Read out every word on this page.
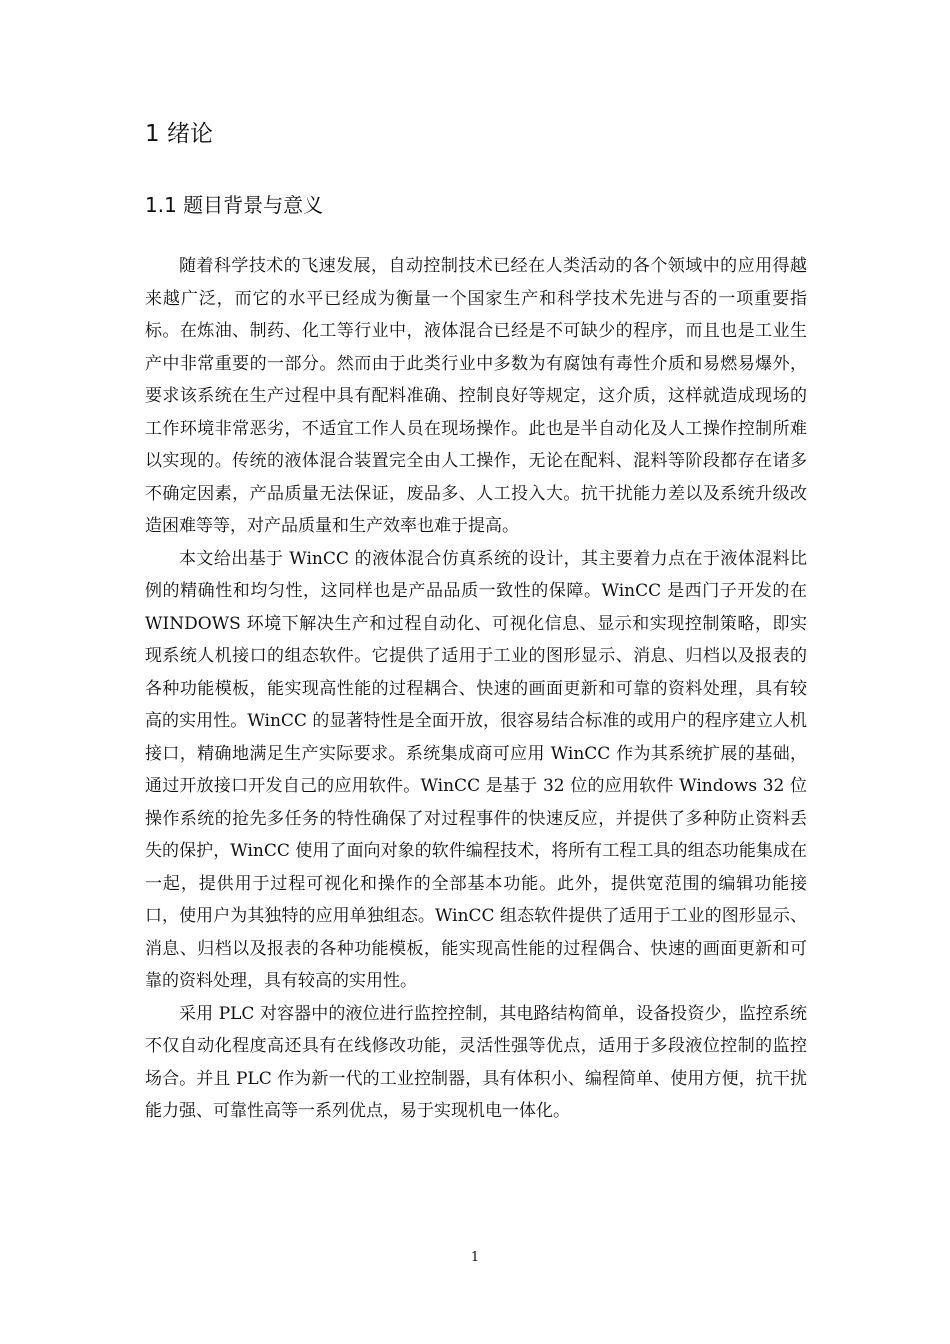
1 绪论
1.1 题目背景与意义

随着科学技术的飞速发展，自动控制技术已经在人类活动的各个领域中的应用得越来越广泛，而它的水平已经成为衡量一个国家生产和科学技术先进与否的一项重要指标。在炼油、制药、化工等行业中，液体混合已经是不可缺少的程序，而且也是工业生产中非常重要的一部分。然而由于此类行业中多数为有腐蚀有毒性介质和易燃易爆外，要求该系统在生产过程中具有配料准确、控制良好等规定，这介质，这样就造成现场的工作环境非常恶劣，不适宜工作人员在现场操作。此也是半自动化及人工操作控制所难以实现的。传统的液体混合装置完全由人工操作，无论在配料、混料等阶段都存在诸多不确定因素，产品质量无法保证，废品多、人工投入大。抗干扰能力差以及系统升级改造困难等等，对产品质量和生产效率也难于提高。

本文给出基于 WinCC 的液体混合仿真系统的设计，其主要着力点在于液体混料比例的精确性和均匀性，这同样也是产品品质一致性的保障。WinCC 是西门子开发的在 WINDOWS 环境下解决生产和过程自动化、可视化信息、显示和实现控制策略，即实现系统人机接口的组态软件。它提供了适用于工业的图形显示、消息、归档以及报表的各种功能模板，能实现高性能的过程耦合、快速的画面更新和可靠的资料处理，具有较高的实用性。WinCC 的显著特性是全面开放，很容易结合标准的或用户的程序建立人机接口，精确地满足生产实际要求。系统集成商可应用 WinCC 作为其系统扩展的基础，通过开放接口开发自己的应用软件。WinCC 是基于 32 位的应用软件 Windows 32 位操作系统的抢先多任务的特性确保了对过程事件的快速反应，并提供了多种防止资料丢失的保护，WinCC 使用了面向对象的软件编程技术，将所有工程工具的组态功能集成在一起，提供用于过程可视化和操作的全部基本功能。此外，提供宽范围的编辑功能接口，使用户为其独特的应用单独组态。WinCC 组态软件提供了适用于工业的图形显示、消息、归档以及报表的各种功能模板，能实现高性能的过程偶合、快速的画面更新和可靠的资料处理，具有较高的实用性。

采用 PLC 对容器中的液位进行监控控制，其电路结构简单，设备投资少，监控系统不仅自动化程度高还具有在线修改功能，灵活性强等优点，适用于多段液位控制的监控场合。并且 PLC 作为新一代的工业控制器，具有体积小、编程简单、使用方便，抗干扰能力强、可靠性高等一系列优点，易于实现机电一体化。

1
